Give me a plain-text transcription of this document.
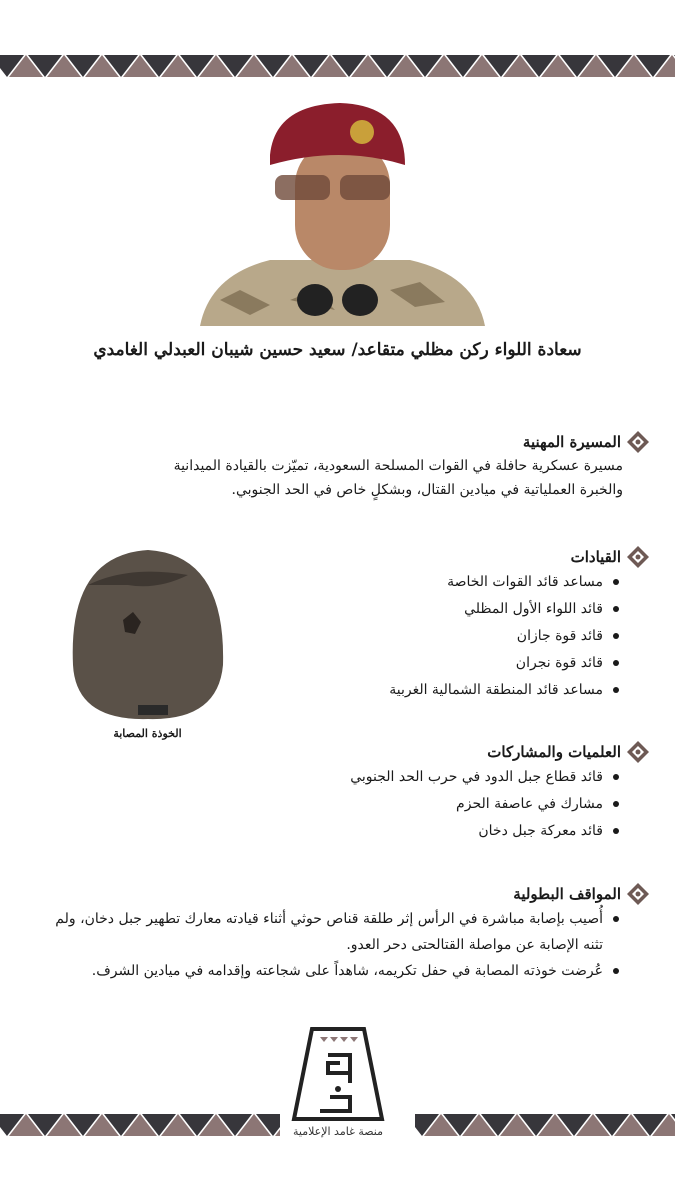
سعادة اللواء ركن مظلي متقاعد/ سعيد حسين شيبان العبدلي الغامدي
المسيرة المهنية
مسيرة عسكرية حافلة في القوات المسلحة السعودية، تميّزت بالقيادة الميدانية
والخبرة العملياتية في ميادين القتال، وبشكلٍ خاص في الحد الجنوبي.
القيادات
مساعد قائد القوات الخاصة
قائد اللواء الأول المظلي
قائد قوة جازان
قائد قوة نجران
مساعد قائد المنطقة الشمالية الغربية
الخوذة المصابة
العلميات والمشاركات
قائد قطاع جبل الدود في حرب الحد الجنوبي
مشارك في عاصفة الحزم
قائد معركة جبل دخان
المواقف البطولية
أُصيب بإصابة مباشرة في الرأس إثر طلقة قناص حوثي أثناء قيادته معارك تطهير جبل دخان، ولم تثنه الإصابة عن مواصلة القتالحتى دحر العدو.
عُرضت خوذته المصابة في حفل تكريمه، شاهداً على شجاعته وإقدامه في ميادين الشرف.
منصة غامد الإعلامية
